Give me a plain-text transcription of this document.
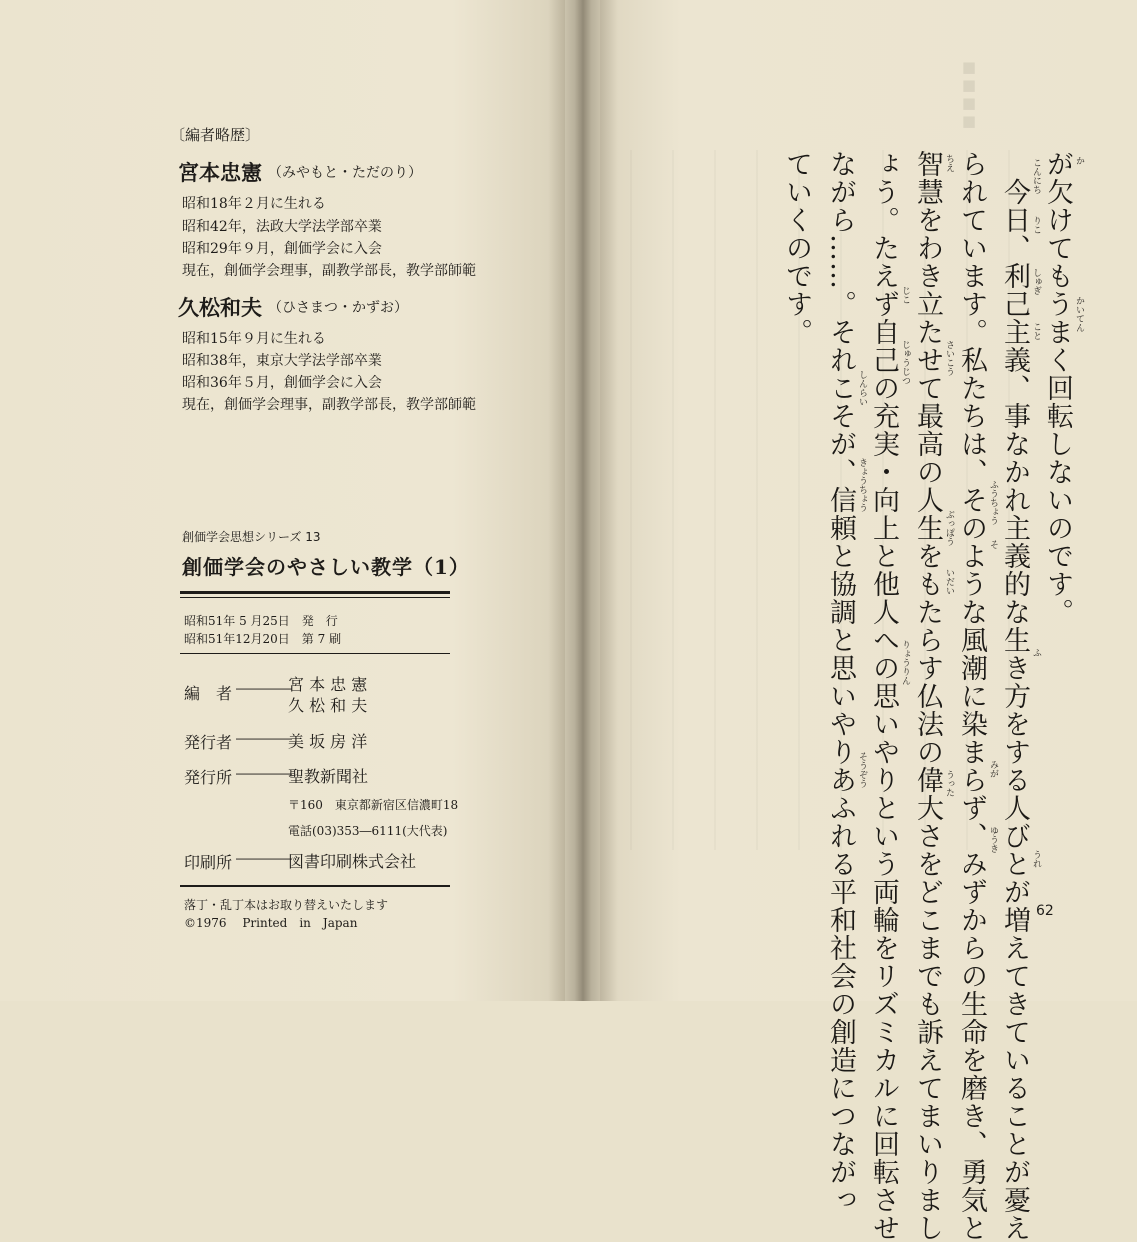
■■■■
〔編者略歴〕
宮本忠憲 （みやもと・ただのり）
昭和18年２月に生れる
昭和42年，法政大学法学部卒業
昭和29年９月，創価学会に入会
現在，創価学会理事，副教学部長，教学部師範
久松和夫 （ひさまつ・かずお）
昭和15年９月に生れる
昭和38年，東京大学法学部卒業
昭和36年５月，創価学会に入会
現在，創価学会理事，副教学部長，教学部師範
創価学会思想シリーズ 13
創価学会のやさしい教学（1）
昭和51年 5 月25日　発　行
昭和51年12月20日　第 7 刷
編　者 ――――
宮 本 忠 憲
久 松 和 夫
発行者 ――――
美 坂 房 洋
発行所 ――――
聖教新聞社
〒160　東京都新宿区信濃町18
電話(03)353―6111(大代表)
印刷所 ――――
図書印刷株式会社
落丁・乱丁本はお取り替えいたします
©1976　 Printed　in　Japan
が欠けてもうまく回転しないのです。
　今日、利己主義、事なかれ主義的な生き方をする人びとが増えてきていることが憂え
られています。私たちは、そのような風潮に染まらず、みずからの生命を磨き、勇気と
智慧をわき立たせて最高の人生をもたらす仏法の偉大さをどこまでも訴えてまいりまし
ょう。たえず自己の充実・向上と他人への思いやりという両輪をリズミカルに回転させ
ながら……。それこそが、信頼と協調と思いやりあふれる平和社会の創造につながっ
ていくのです。	か
かいてん
こんにち
りこ
しゅぎ
こと
ふ
うれ
ふうちょう
そ
みが
ゆうき
ちえ
さいこう
ぶっぽう
いだい
うった
じこ
じゅうじつ
りょうりん
しんらい
きょうちょう
そうぞう
62
